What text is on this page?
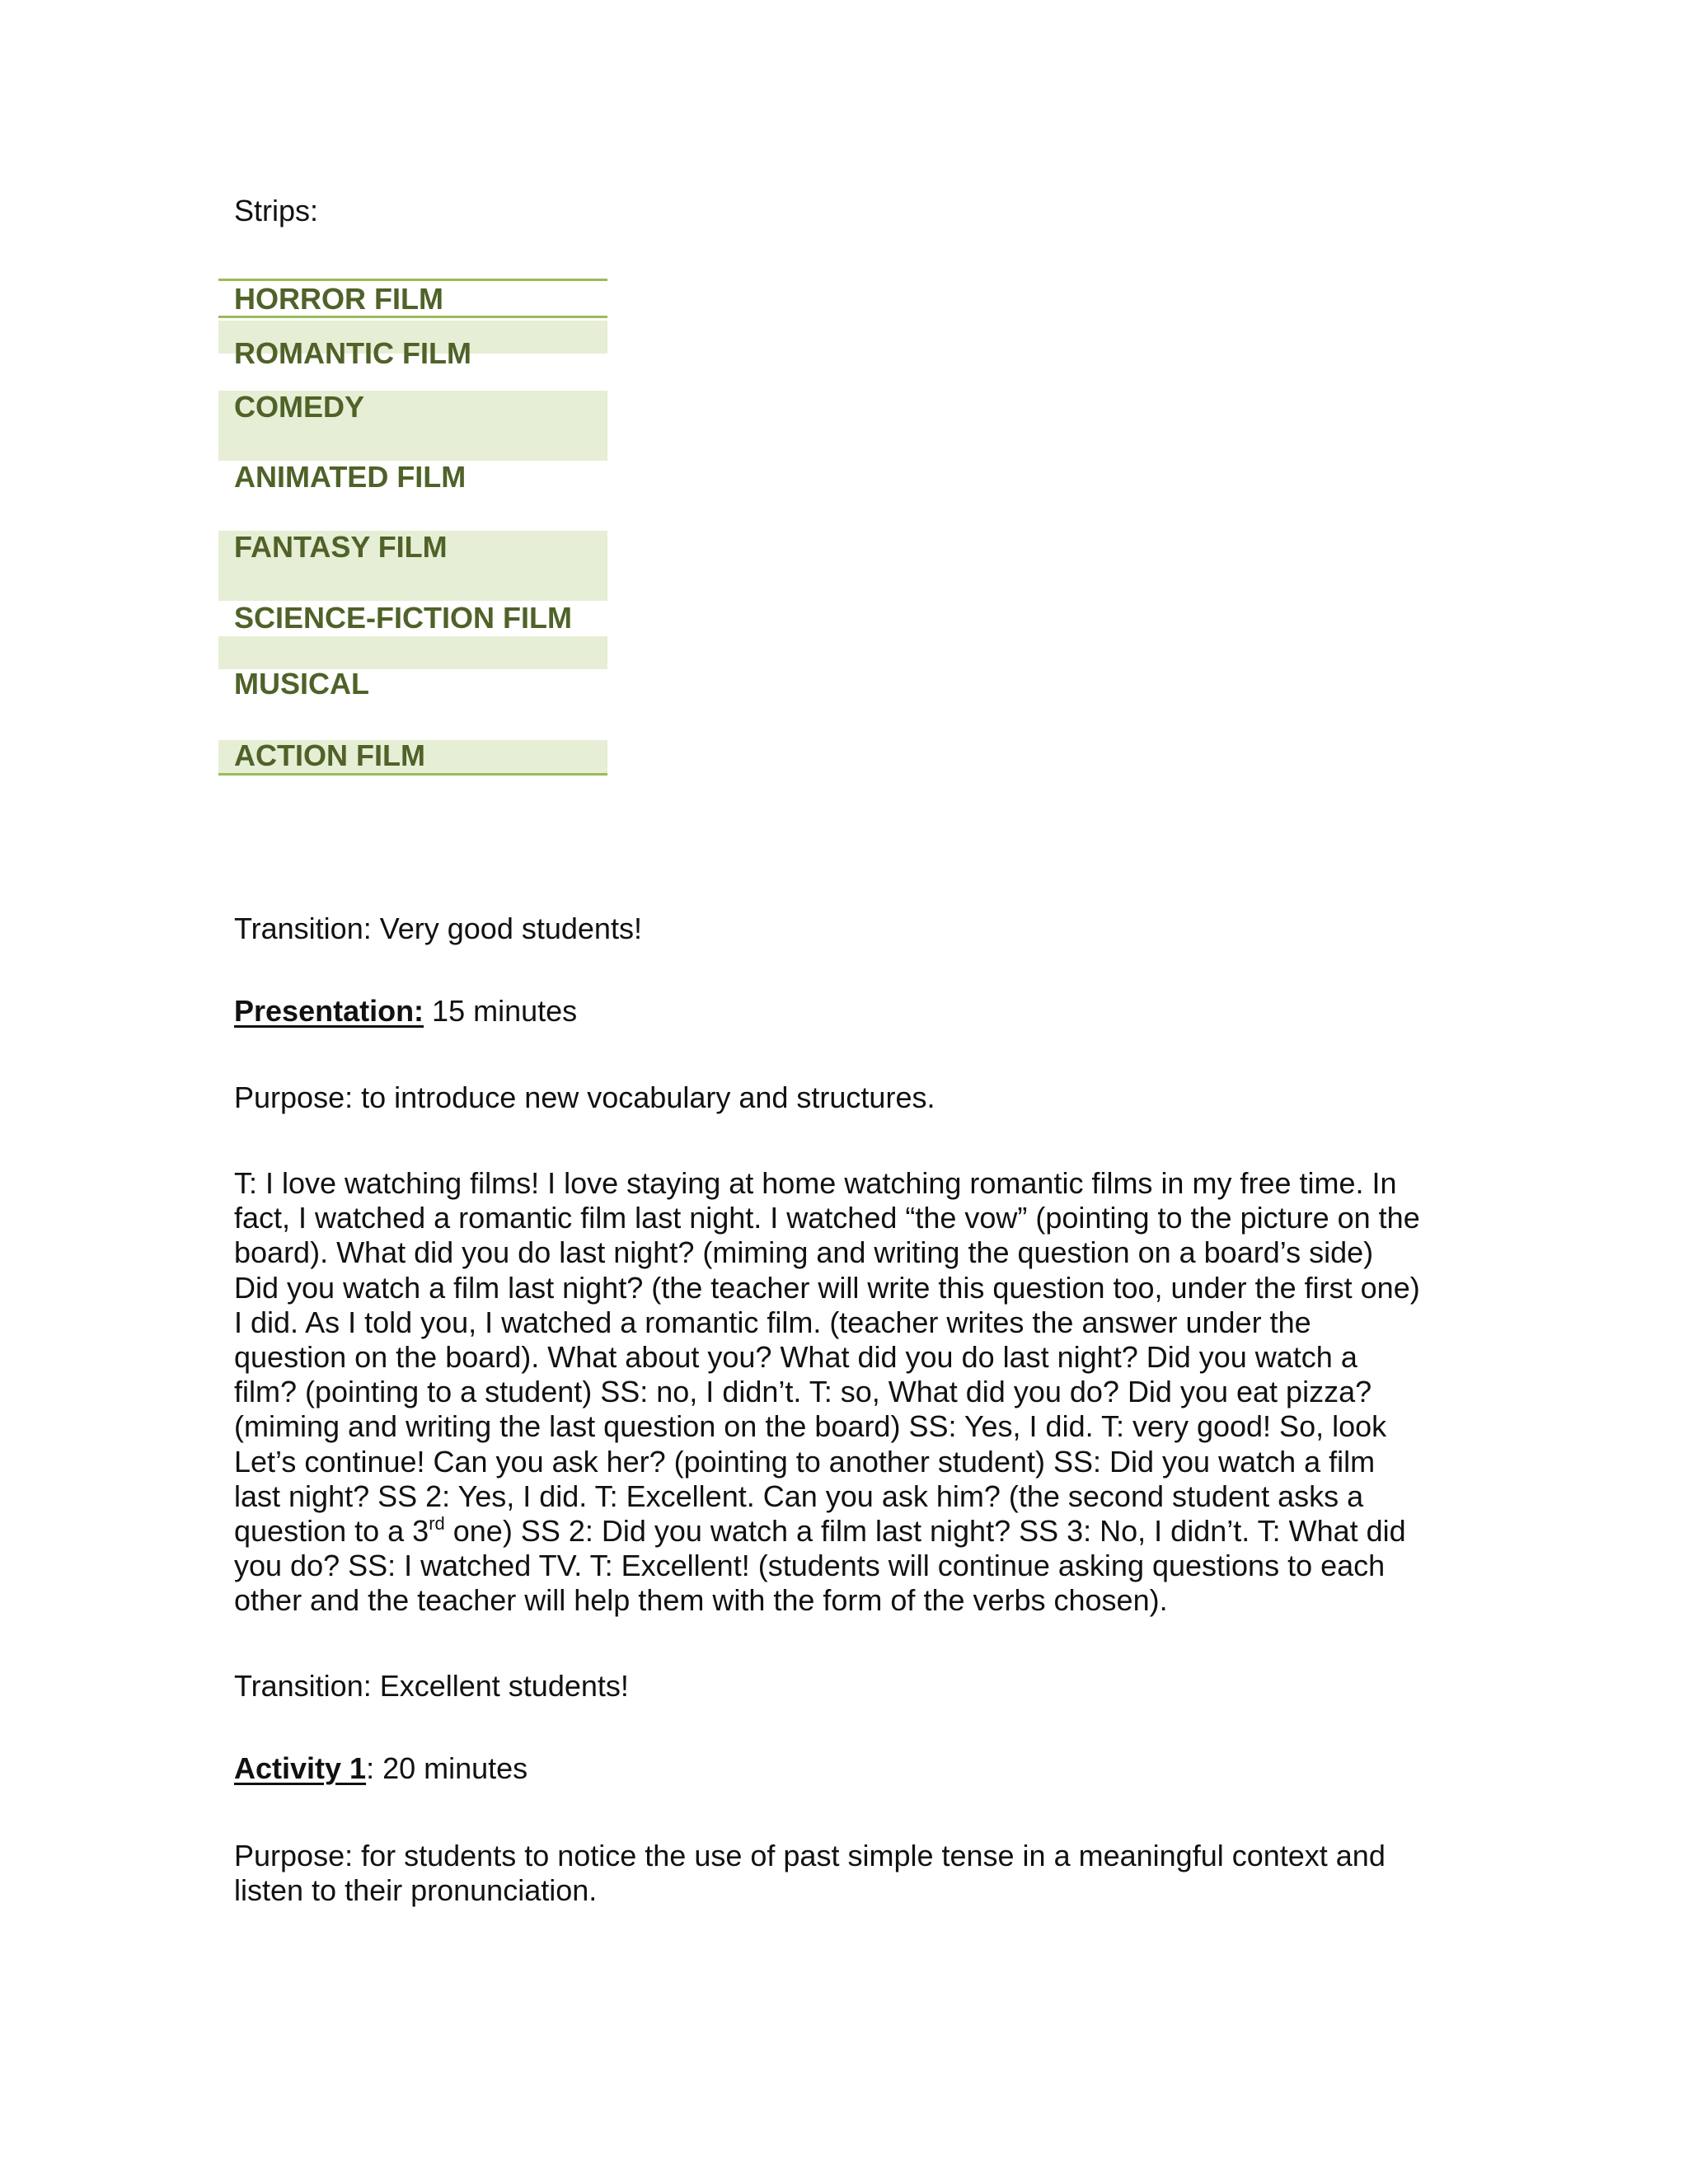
Strips:
HORROR FILM
ROMANTIC FILM
COMEDY
ANIMATED FILM
FANTASY FILM
SCIENCE-FICTION FILM
MUSICAL
ACTION FILM
Transition: Very good students!
Presentation: 15 minutes
Purpose: to introduce new vocabulary and structures.
T: I love watching films! I love staying at home watching romantic films in my free time. In
fact, I watched a romantic film last night. I watched “the vow” (pointing to the picture on the
board). What did you do last night? (miming and writing the question on a board’s side)
Did you watch a film last night? (the teacher will write this question too, under the first one)
I did. As I told you, I watched a romantic film. (teacher writes the answer under the
question on the board). What about you? What did you do last night? Did you watch a
film? (pointing to a student) SS: no, I didn’t. T: so, What did you do? Did you eat pizza?
(miming and writing the last question on the board) SS: Yes, I did. T: very good! So, look
Let’s continue! Can you ask her? (pointing to another student) SS: Did you watch a film
last night? SS 2: Yes, I did. T: Excellent. Can you ask him? (the second student asks a
question to a 3rd one) SS 2: Did you watch a film last night? SS 3: No, I didn’t. T: What did
you do? SS: I watched TV. T: Excellent! (students will continue asking questions to each
other and the teacher will help them with the form of the verbs chosen).
Transition: Excellent students!
Activity 1: 20 minutes
Purpose: for students to notice the use of past simple tense in a meaningful context and
listen to their pronunciation.
